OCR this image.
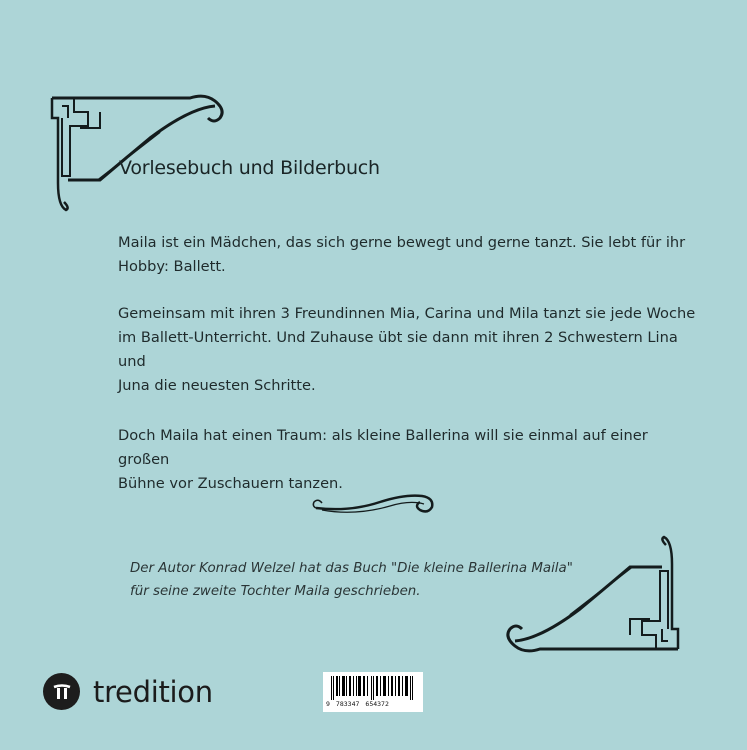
Vorlesebuch und Bilderbuch
Maila ist ein Mädchen, das sich gerne bewegt und gerne tanzt. Sie lebt für ihr
Hobby: Ballett.
Gemeinsam mit ihren 3 Freundinnen Mia, Carina und Mila tanzt sie jede Woche
im Ballett-Unterricht. Und Zuhause übt sie dann mit ihren 2 Schwestern Lina und
Juna die neuesten Schritte.
Doch Maila hat einen Traum: als kleine Ballerina will sie einmal auf einer großen
Bühne vor Zuschauern tanzen.
Der Autor Konrad Welzel hat das Buch "Die kleine Ballerina Maila"
für seine zweite Tochter Maila geschrieben.
tredition	9 783347 654372
